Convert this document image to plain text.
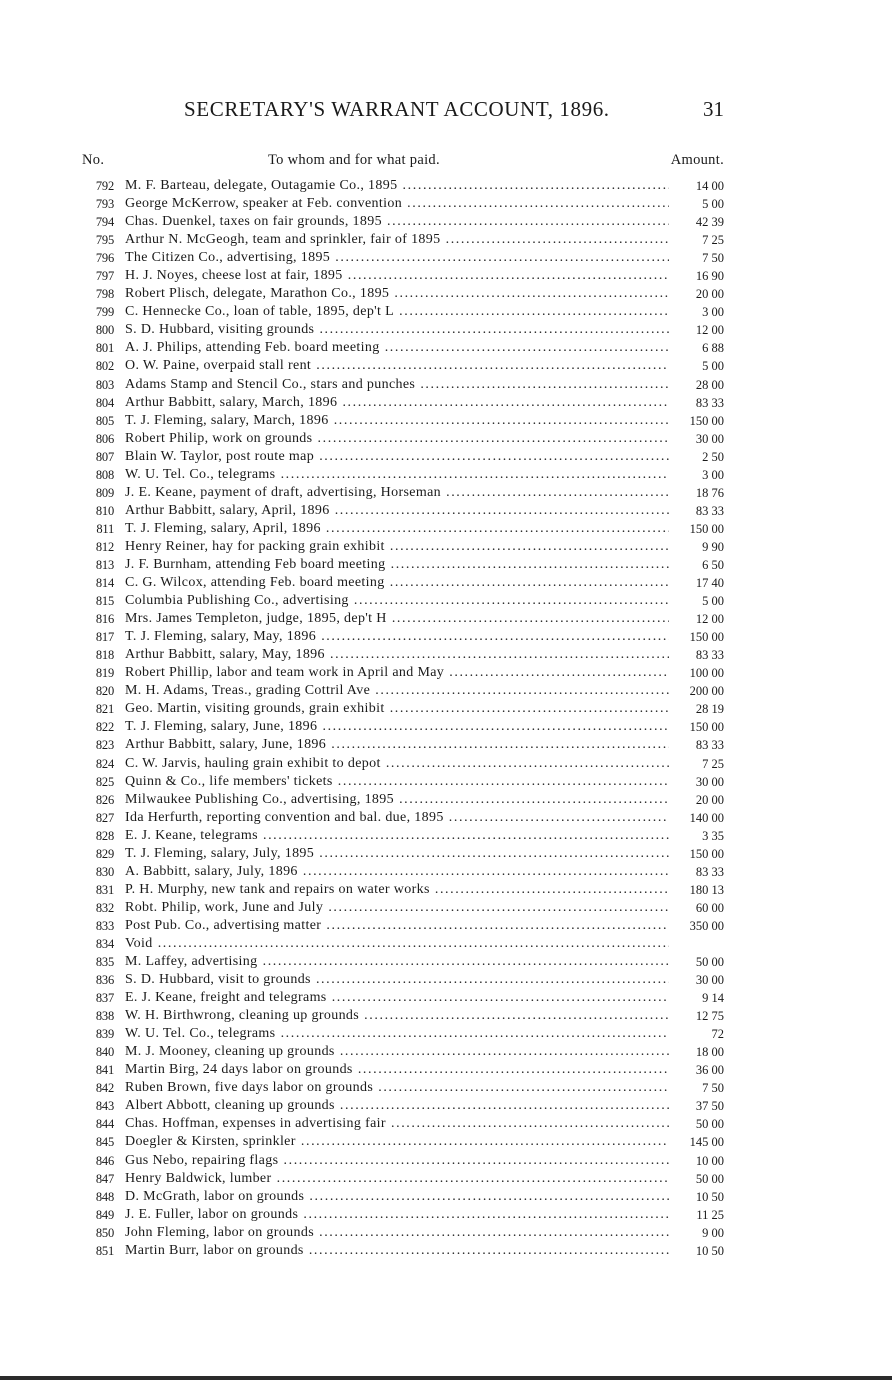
SECRETARY'S WARRANT ACCOUNT, 1896.	31
No.	To whom and for what paid.	Amount.
792 M. F. Barteau, delegate, Outagamie Co., 1895 .....	14 00
793 George McKerrow, speaker at Feb. convention .....	5 00
794 Chas. Duenkel, taxes on fair grounds, 1895 .....	42 39
795 Arthur N. McGeogh, team and sprinkler, fair of 1895 .....	7 25
796 The Citizen Co., advertising, 1895 .....	7 50
797 H. J. Noyes, cheese lost at fair, 1895 .....	16 90
798 Robert Plisch, delegate, Marathon Co., 1895 .....	20 00
799 C. Hennecke Co., loan of table, 1895, dep't L .....	3 00
800 S. D. Hubbard, visiting grounds .....	12 00
801 A. J. Philips, attending Feb. board meeting .....	6 88
802 O. W. Paine, overpaid stall rent .....	5 00
803 Adams Stamp and Stencil Co., stars and punches .....	28 00
804 Arthur Babbitt, salary, March, 1896 .....	83 33
805 T. J. Fleming, salary, March, 1896 .....	150 00
806 Robert Philip, work on grounds .....	30 00
807 Blain W. Taylor, post route map .....	2 50
808 W. U. Tel. Co., telegrams .....	3 00
809 J. E. Keane, payment of draft, advertising, Horseman .....	18 76
810 Arthur Babbitt, salary, April, 1896 .....	83 33
811 T. J. Fleming, salary, April, 1896 .....	150 00
812 Henry Reiner, hay for packing grain exhibit .....	9 90
813 J. F. Burnham, attending Feb board meeting .....	6 50
814 C. G. Wilcox, attending Feb. board meeting .....	17 40
815 Columbia Publishing Co., advertising .....	5 00
816 Mrs. James Templeton, judge, 1895, dep't H .....	12 00
817 T. J. Fleming, salary, May, 1896 .....	150 00
818 Arthur Babbitt, salary, May, 1896 .....	83 33
819 Robert Phillip, labor and team work in April and May .....	100 00
820 M. H. Adams, Treas., grading Cottril Ave .....	200 00
821 Geo. Martin, visiting grounds, grain exhibit .....	28 19
822 T. J. Fleming, salary, June, 1896 .....	150 00
823 Arthur Babbitt, salary, June, 1896 .....	83 33
824 C. W. Jarvis, hauling grain exhibit to depot .....	7 25
825 Quinn & Co., life members' tickets .....	30 00
826 Milwaukee Publishing Co., advertising, 1895 .....	20 00
827 Ida Herfurth, reporting convention and bal. due, 1895 .....	140 00
828 E. J. Keane, telegrams .....	3 35
829 T. J. Fleming, salary, July, 1895 .....	150 00
830 A. Babbitt, salary, July, 1896 .....	83 33
831 P. H. Murphy, new tank and repairs on water works .....	180 13
832 Robt. Philip, work, June and July .....	60 00
833 Post Pub. Co., advertising matter .....	350 00
834 Void .....
835 M. Laffey, advertising .....	50 00
836 S. D. Hubbard, visit to grounds .....	30 00
837 E. J. Keane, freight and telegrams .....	9 14
838 W. H. Birthwrong, cleaning up grounds .....	12 75
839 W. U. Tel. Co., telegrams .....	72
840 M. J. Mooney, cleaning up grounds .....	18 00
841 Martin Birg, 24 days labor on grounds .....	36 00
842 Ruben Brown, five days labor on grounds .....	7 50
843 Albert Abbott, cleaning up grounds .....	37 50
844 Chas. Hoffman, expenses in advertising fair .....	50 00
845 Doegler & Kirsten, sprinkler .....	145 00
846 Gus Nebo, repairing flags .....	10 00
847 Henry Baldwick, lumber .....	50 00
848 D. McGrath, labor on grounds .....	10 50
849 J. E. Fuller, labor on grounds .....	11 25
850 John Fleming, labor on grounds .....	9 00
851 Martin Burr, labor on grounds .....	10 50
